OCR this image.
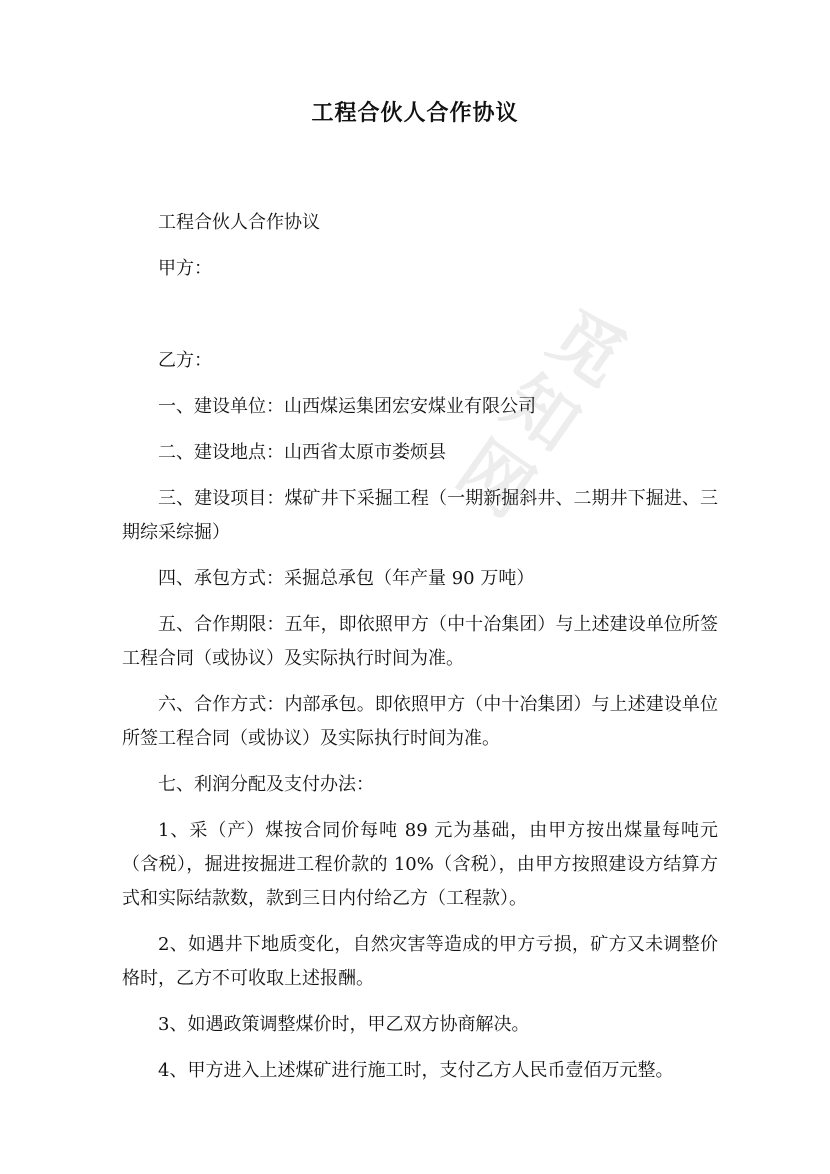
觅
知
网
工程合伙人合作协议

工程合伙人合作协议

甲方：

乙方：

一、建设单位：山西煤运集团宏安煤业有限公司

二、建设地点：山西省太原市娄烦县

三、建设项目：煤矿井下采掘工程（一期新掘斜井、二期井下掘进、三期综采综掘）

四、承包方式：采掘总承包（年产量 90 万吨）

五、合作期限：五年，即依照甲方（中十冶集团）与上述建设单位所签工程合同（或协议）及实际执行时间为准。

六、合作方式：内部承包。即依照甲方（中十冶集团）与上述建设单位所签工程合同（或协议）及实际执行时间为准。

七、利润分配及支付办法：

1、采（产）煤按合同价每吨 89 元为基础，由甲方按出煤量每吨元（含税），掘进按掘进工程价款的 10%（含税），由甲方按照建设方结算方式和实际结款数，款到三日内付给乙方（工程款）。

2、如遇井下地质变化，自然灾害等造成的甲方亏损，矿方又未调整价格时，乙方不可收取上述报酬。

3、如遇政策调整煤价时，甲乙双方协商解决。

4、甲方进入上述煤矿进行施工时，支付乙方人民币壹佰万元整。
